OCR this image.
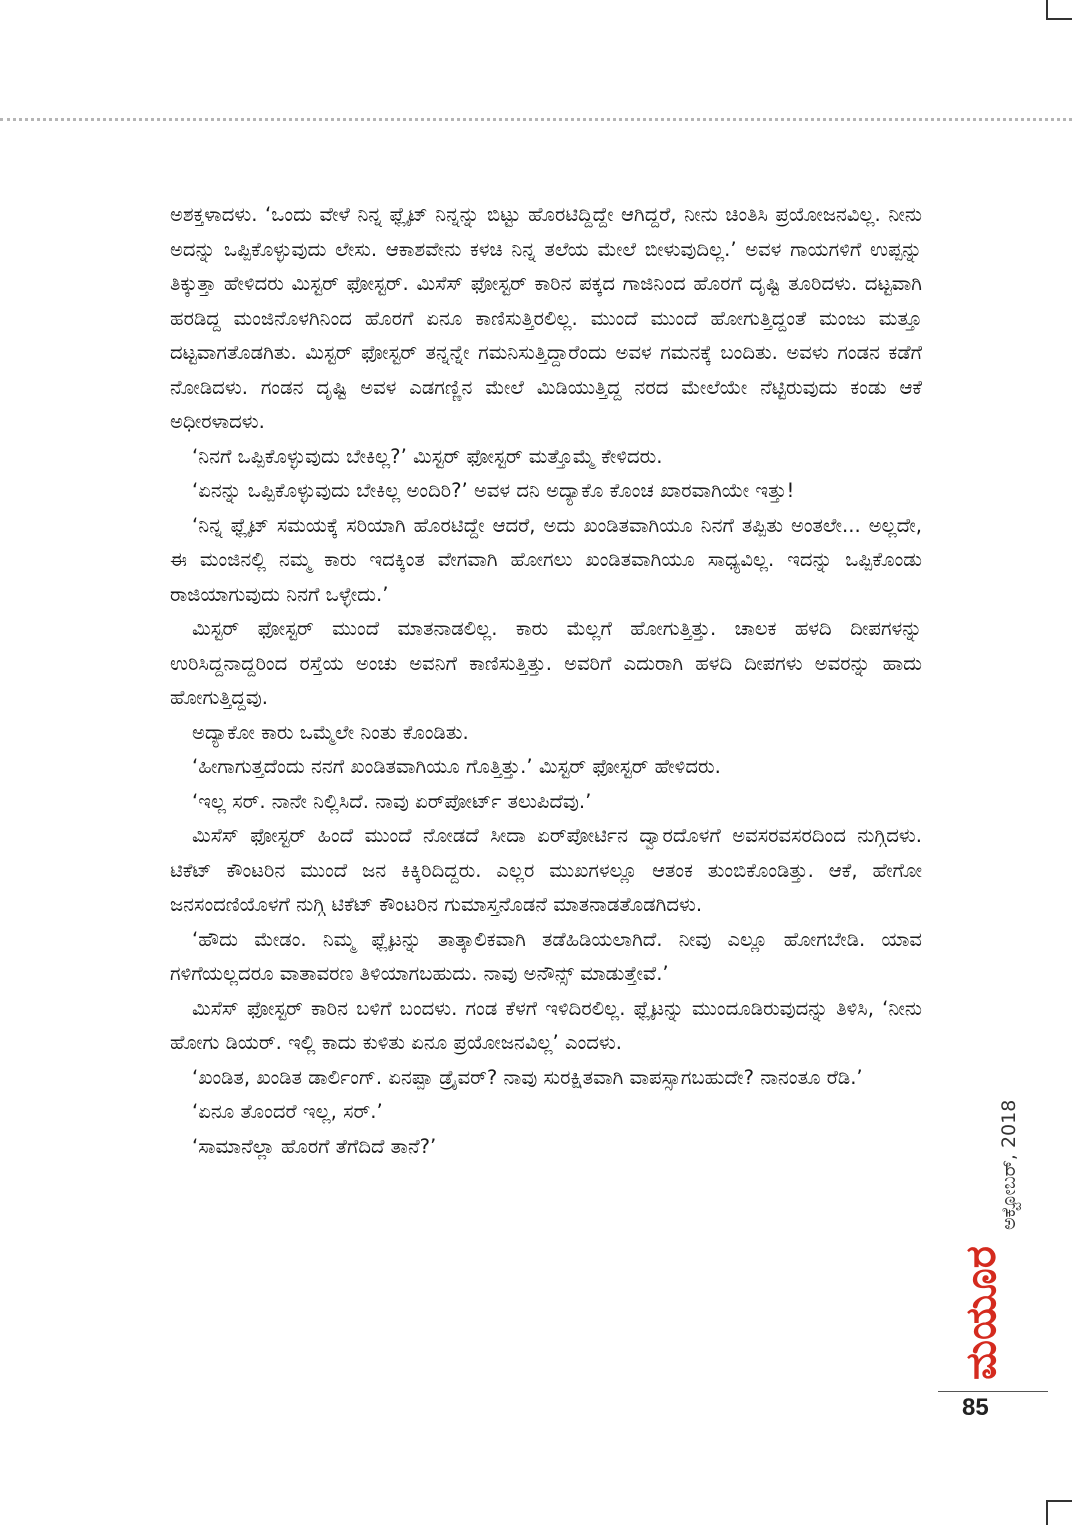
ಅಶಕ್ತಳಾದಳು. ‘ಒಂದು ವೇಳೆ ನಿನ್ನ ಫ್ಲೈಟ್ ನಿನ್ನನ್ನು ಬಿಟ್ಟು ಹೊರಟಿದ್ದಿದ್ದೇ ಆಗಿದ್ದರೆ, ನೀನು ಚಿಂತಿಸಿ ಪ್ರಯೋಜನವಿಲ್ಲ. ನೀನು ಅದನ್ನು ಒಪ್ಪಿಕೊಳ್ಳುವುದು ಲೇಸು. ಆಕಾಶವೇನು ಕಳಚಿ ನಿನ್ನ ತಲೆಯ ಮೇಲೆ ಬೀಳುವುದಿಲ್ಲ.’ ಅವಳ ಗಾಯಗಳಿಗೆ ಉಪ್ಪನ್ನು ತಿಕ್ಕುತ್ತಾ ಹೇಳಿದರು ಮಿಸ್ಟರ್ ಫೋಸ್ಟರ್. ಮಿಸೆಸ್ ಫೋಸ್ಟರ್ ಕಾರಿನ ಪಕ್ಕದ ಗಾಜಿನಿಂದ ಹೊರಗೆ ದೃಷ್ಟಿ ತೂರಿದಳು. ದಟ್ಟವಾಗಿ ಹರಡಿದ್ದ ಮಂಜಿನೊಳಗಿನಿಂದ ಹೊರಗೆ ಏನೂ ಕಾಣಿಸುತ್ತಿರಲಿಲ್ಲ. ಮುಂದೆ ಮುಂದೆ ಹೋಗುತ್ತಿದ್ದಂತೆ ಮಂಜು ಮತ್ತೂ ದಟ್ಟವಾಗತೊಡಗಿತು. ಮಿಸ್ಟರ್ ಫೋಸ್ಟರ್ ತನ್ನನ್ನೇ ಗಮನಿಸುತ್ತಿದ್ದಾರೆಂದು ಅವಳ ಗಮನಕ್ಕೆ ಬಂದಿತು. ಅವಳು ಗಂಡನ ಕಡೆಗೆ ನೋಡಿದಳು. ಗಂಡನ ದೃಷ್ಟಿ ಅವಳ ಎಡಗಣ್ಣಿನ ಮೇಲೆ ಮಿಡಿಯುತ್ತಿದ್ದ ನರದ ಮೇಲೆಯೇ ನೆಟ್ಟಿರುವುದು ಕಂಡು ಆಕೆ ಅಧೀರಳಾದಳು.

‘ನಿನಗೆ ಒಪ್ಪಿಕೊಳ್ಳುವುದು ಬೇಕಿಲ್ಲ?’ ಮಿಸ್ಟರ್ ಫೋಸ್ಟರ್ ಮತ್ತೊಮ್ಮೆ ಕೇಳಿದರು.

‘ಏನನ್ನು ಒಪ್ಪಿಕೊಳ್ಳುವುದು ಬೇಕಿಲ್ಲ ಅಂದಿರಿ?’ ಅವಳ ದನಿ ಅದ್ಯಾಕೊ ಕೊಂಚ ಖಾರವಾಗಿಯೇ ಇತ್ತು!

‘ನಿನ್ನ ಫ್ಲೈಟ್ ಸಮಯಕ್ಕೆ ಸರಿಯಾಗಿ ಹೊರಟಿದ್ದೇ ಆದರೆ, ಅದು ಖಂಡಿತವಾಗಿಯೂ ನಿನಗೆ ತಪ್ಪಿತು ಅಂತಲೇ... ಅಲ್ಲದೇ, ಈ ಮಂಜಿನಲ್ಲಿ ನಮ್ಮ ಕಾರು ಇದಕ್ಕಿಂತ ವೇಗವಾಗಿ ಹೋಗಲು ಖಂಡಿತವಾಗಿಯೂ ಸಾಧ್ಯವಿಲ್ಲ. ಇದನ್ನು ಒಪ್ಪಿಕೊಂಡು ರಾಜಿಯಾಗುವುದು ನಿನಗೆ ಒಳ್ಳೇದು.’

ಮಿಸ್ಟರ್ ಫೋಸ್ಟರ್ ಮುಂದೆ ಮಾತನಾಡಲಿಲ್ಲ. ಕಾರು ಮೆಲ್ಲಗೆ ಹೋಗುತ್ತಿತ್ತು. ಚಾಲಕ ಹಳದಿ ದೀಪಗಳನ್ನು ಉರಿಸಿದ್ದನಾದ್ದರಿಂದ ರಸ್ತೆಯ ಅಂಚು ಅವನಿಗೆ ಕಾಣಿಸುತ್ತಿತ್ತು. ಅವರಿಗೆ ಎದುರಾಗಿ ಹಳದಿ ದೀಪಗಳು ಅವರನ್ನು ಹಾದು ಹೋಗುತ್ತಿದ್ದವು.

ಅದ್ಯಾಕೋ ಕಾರು ಒಮ್ಮೆಲೇ ನಿಂತು ಕೊಂಡಿತು.

‘ಹೀಗಾಗುತ್ತದೆಂದು ನನಗೆ ಖಂಡಿತವಾಗಿಯೂ ಗೊತ್ತಿತ್ತು.’ ಮಿಸ್ಟರ್ ಫೋಸ್ಟರ್ ಹೇಳಿದರು.

‘ಇಲ್ಲ ಸರ್. ನಾನೇ ನಿಲ್ಲಿಸಿದೆ. ನಾವು ಏರ್‌ಪೋರ್ಟ್ ತಲುಪಿದೆವು.’

ಮಿಸೆಸ್ ಫೋಸ್ಟರ್ ಹಿಂದೆ ಮುಂದೆ ನೋಡದೆ ಸೀದಾ ಏರ್‌ಪೋರ್ಟಿನ ದ್ವಾರದೊಳಗೆ ಅವಸರವಸರದಿಂದ ನುಗ್ಗಿದಳು. ಟಿಕೆಟ್ ಕೌಂಟರಿನ ಮುಂದೆ ಜನ ಕಿಕ್ಕಿರಿದಿದ್ದರು. ಎಲ್ಲರ ಮುಖಗಳಲ್ಲೂ ಆತಂಕ ತುಂಬಿಕೊಂಡಿತ್ತು. ಆಕೆ, ಹೇಗೋ ಜನಸಂದಣಿಯೊಳಗೆ ನುಗ್ಗಿ ಟಿಕೆಟ್ ಕೌಂಟರಿನ ಗುಮಾಸ್ತನೊಡನೆ ಮಾತನಾಡತೊಡಗಿದಳು.

‘ಹೌದು ಮೇಡಂ. ನಿಮ್ಮ ಫ್ಲೈಟನ್ನು ತಾತ್ಕಾಲಿಕವಾಗಿ ತಡೆಹಿಡಿಯಲಾಗಿದೆ. ನೀವು ಎಲ್ಲೂ ಹೋಗಬೇಡಿ. ಯಾವ ಗಳಿಗೆಯಲ್ಲದರೂ ವಾತಾವರಣ ತಿಳಿಯಾಗಬಹುದು. ನಾವು ಅನೌನ್ಸ್ ಮಾಡುತ್ತೇವೆ.’

ಮಿಸೆಸ್ ಫೋಸ್ಟರ್ ಕಾರಿನ ಬಳಿಗೆ ಬಂದಳು. ಗಂಡ ಕೆಳಗೆ ಇಳಿದಿರಲಿಲ್ಲ. ಫ್ಲೈಟನ್ನು ಮುಂದೂಡಿರುವುದನ್ನು ತಿಳಿಸಿ, ‘ನೀನು ಹೋಗು ಡಿಯರ್. ಇಲ್ಲಿ ಕಾದು ಕುಳಿತು ಏನೂ ಪ್ರಯೋಜನವಿಲ್ಲ’ ಎಂದಳು.

‘ಖಂಡಿತ, ಖಂಡಿತ ಡಾರ್ಲಿಂಗ್. ಏನಪ್ಪಾ ಡ್ರೈವರ್? ನಾವು ಸುರಕ್ಷಿತವಾಗಿ ವಾಪಸ್ಸಾಗಬಹುದೇ? ನಾನಂತೂ ರೆಡಿ.’

‘ಏನೂ ತೊಂದರೆ ಇಲ್ಲ, ಸರ್.’

‘ಸಾಮಾನೆಲ್ಲಾ ಹೊರಗೆ ತೆಗೆದಿದೆ ತಾನೆ?’	ಅಕ್ಟೋಬರ್, 2018
ಮಯೂರ
85
